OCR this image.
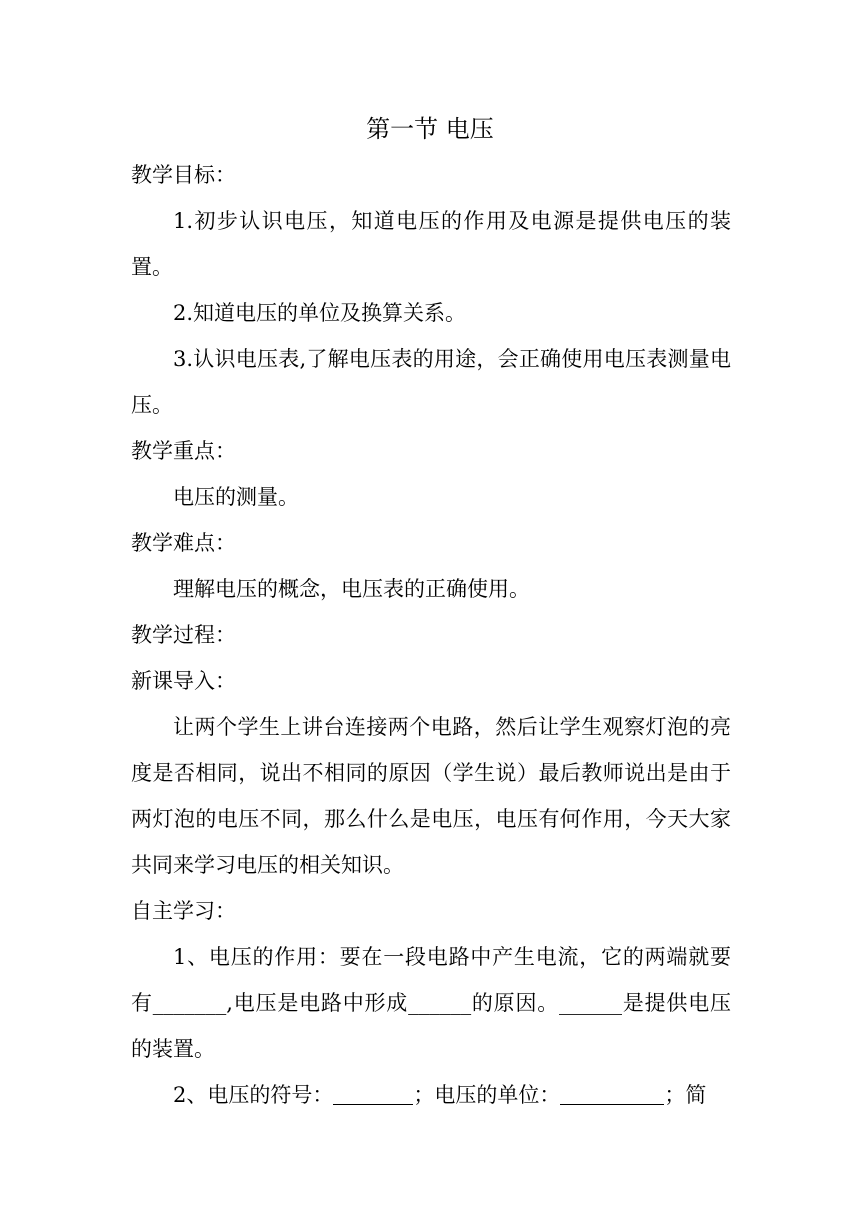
第一节 电压

教学目标：

1.初步认识电压，知道电压的作用及电源是提供电压的装置。

2.知道电压的单位及换算关系。

3.认识电压表,了解电压表的用途，会正确使用电压表测量电压。

教学重点：

电压的测量。

教学难点：

理解电压的概念，电压表的正确使用。

教学过程：

新课导入：

让两个学生上讲台连接两个电路，然后让学生观察灯泡的亮度是否相同，说出不相同的原因（学生说）最后教师说出是由于两灯泡的电压不同，那么什么是电压，电压有何作用，今天大家共同来学习电压的相关知识。

自主学习：

1、电压的作用：要在一段电路中产生电流，它的两端就要有_______,电压是电路中形成______的原因。______是提供电压的装置。

2、电压的符号：	；电压的单位：	；简
